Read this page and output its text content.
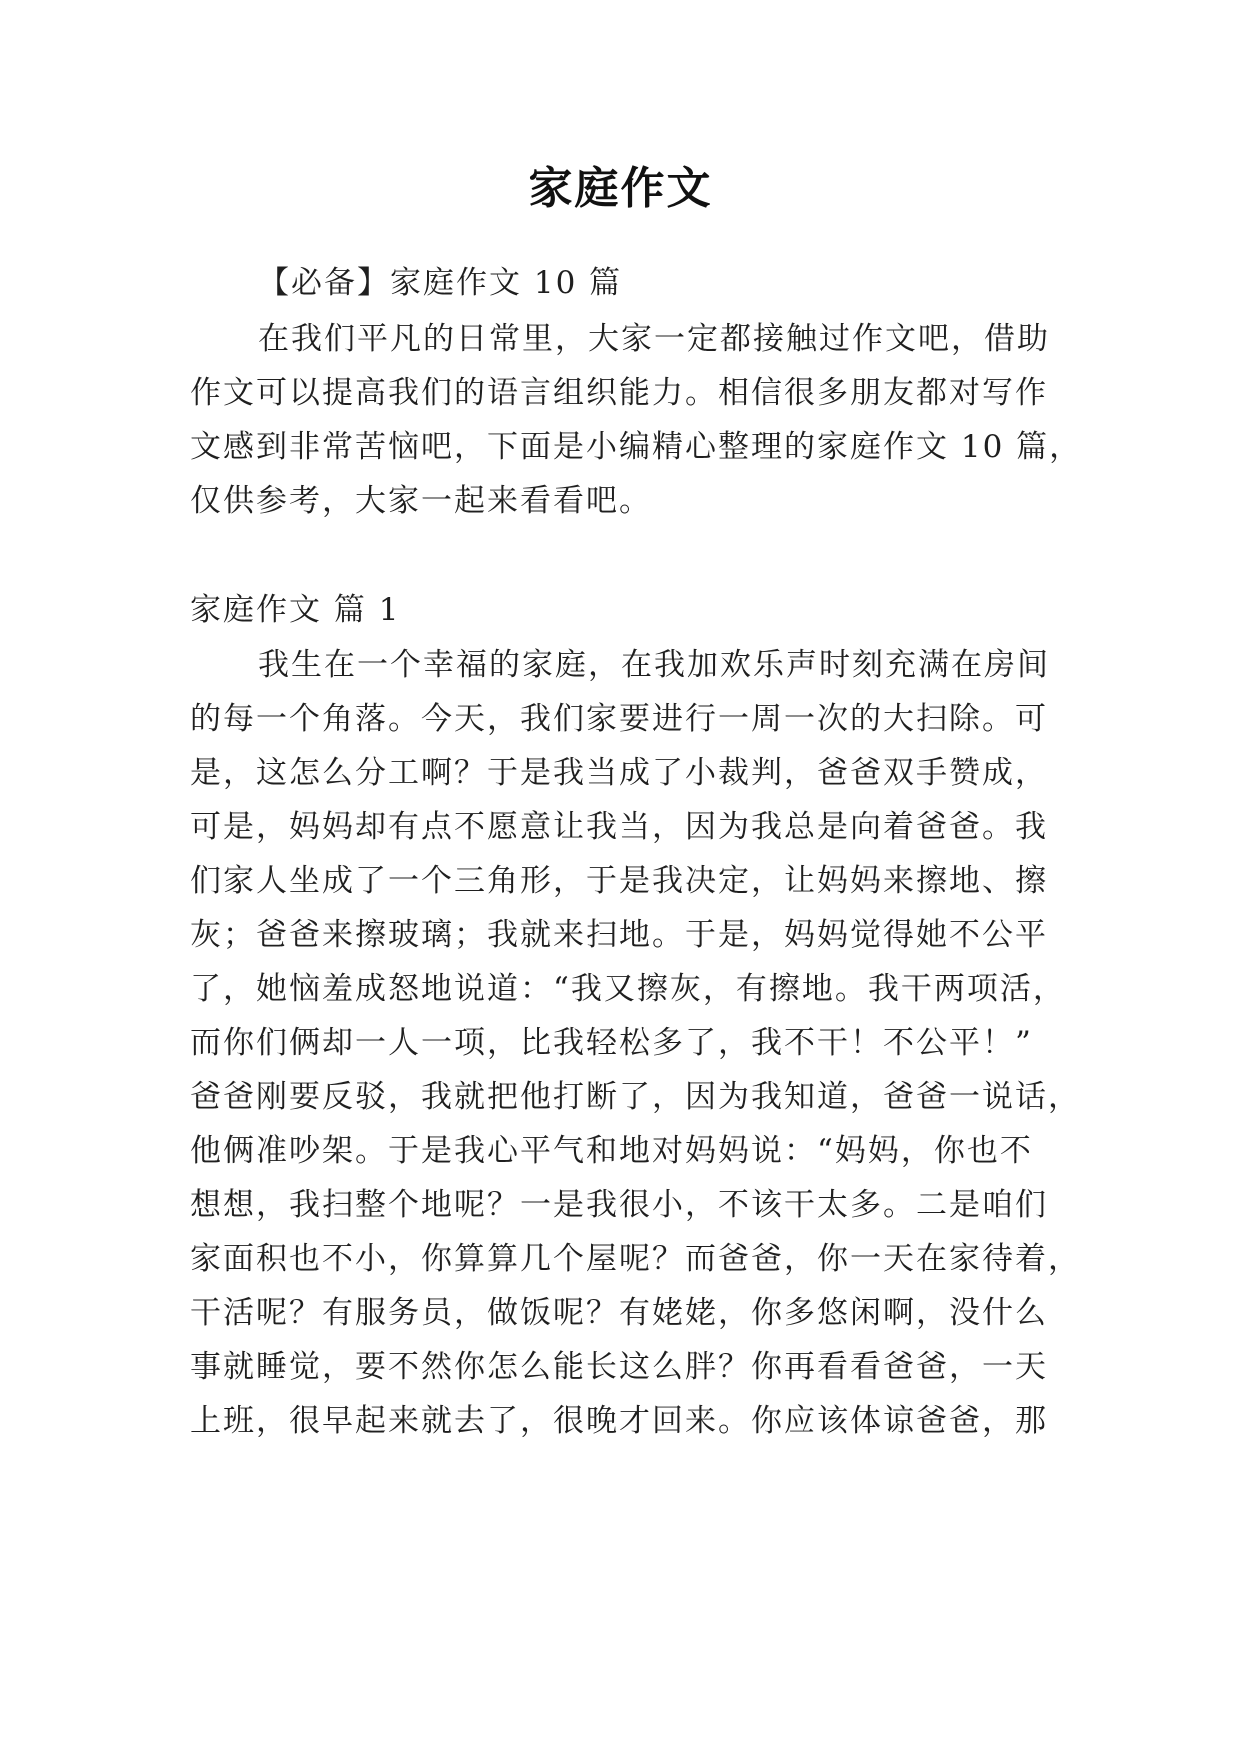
家庭作文
【必备】家庭作文 10 篇
在我们平凡的日常里，大家一定都接触过作文吧，借助
作文可以提高我们的语言组织能力。相信很多朋友都对写作
文感到非常苦恼吧，下面是小编精心整理的家庭作文 10 篇，
仅供参考，大家一起来看看吧。
家庭作文 篇 1
我生在一个幸福的家庭，在我加欢乐声时刻充满在房间
的每一个角落。今天，我们家要进行一周一次的大扫除。可
是，这怎么分工啊？于是我当成了小裁判，爸爸双手赞成，
可是，妈妈却有点不愿意让我当，因为我总是向着爸爸。我
们家人坐成了一个三角形，于是我决定，让妈妈来擦地、擦
灰；爸爸来擦玻璃；我就来扫地。于是，妈妈觉得她不公平
了，她恼羞成怒地说道：“我又擦灰，有擦地。我干两项活，
而你们俩却一人一项，比我轻松多了，我不干！不公平！”
爸爸刚要反驳，我就把他打断了，因为我知道，爸爸一说话，
他俩准吵架。于是我心平气和地对妈妈说：“妈妈，你也不
想想，我扫整个地呢？一是我很小，不该干太多。二是咱们
家面积也不小，你算算几个屋呢？而爸爸，你一天在家待着，
干活呢？有服务员，做饭呢？有姥姥，你多悠闲啊，没什么
事就睡觉，要不然你怎么能长这么胖？你再看看爸爸，一天
上班，很早起来就去了，很晚才回来。你应该体谅爸爸，那
